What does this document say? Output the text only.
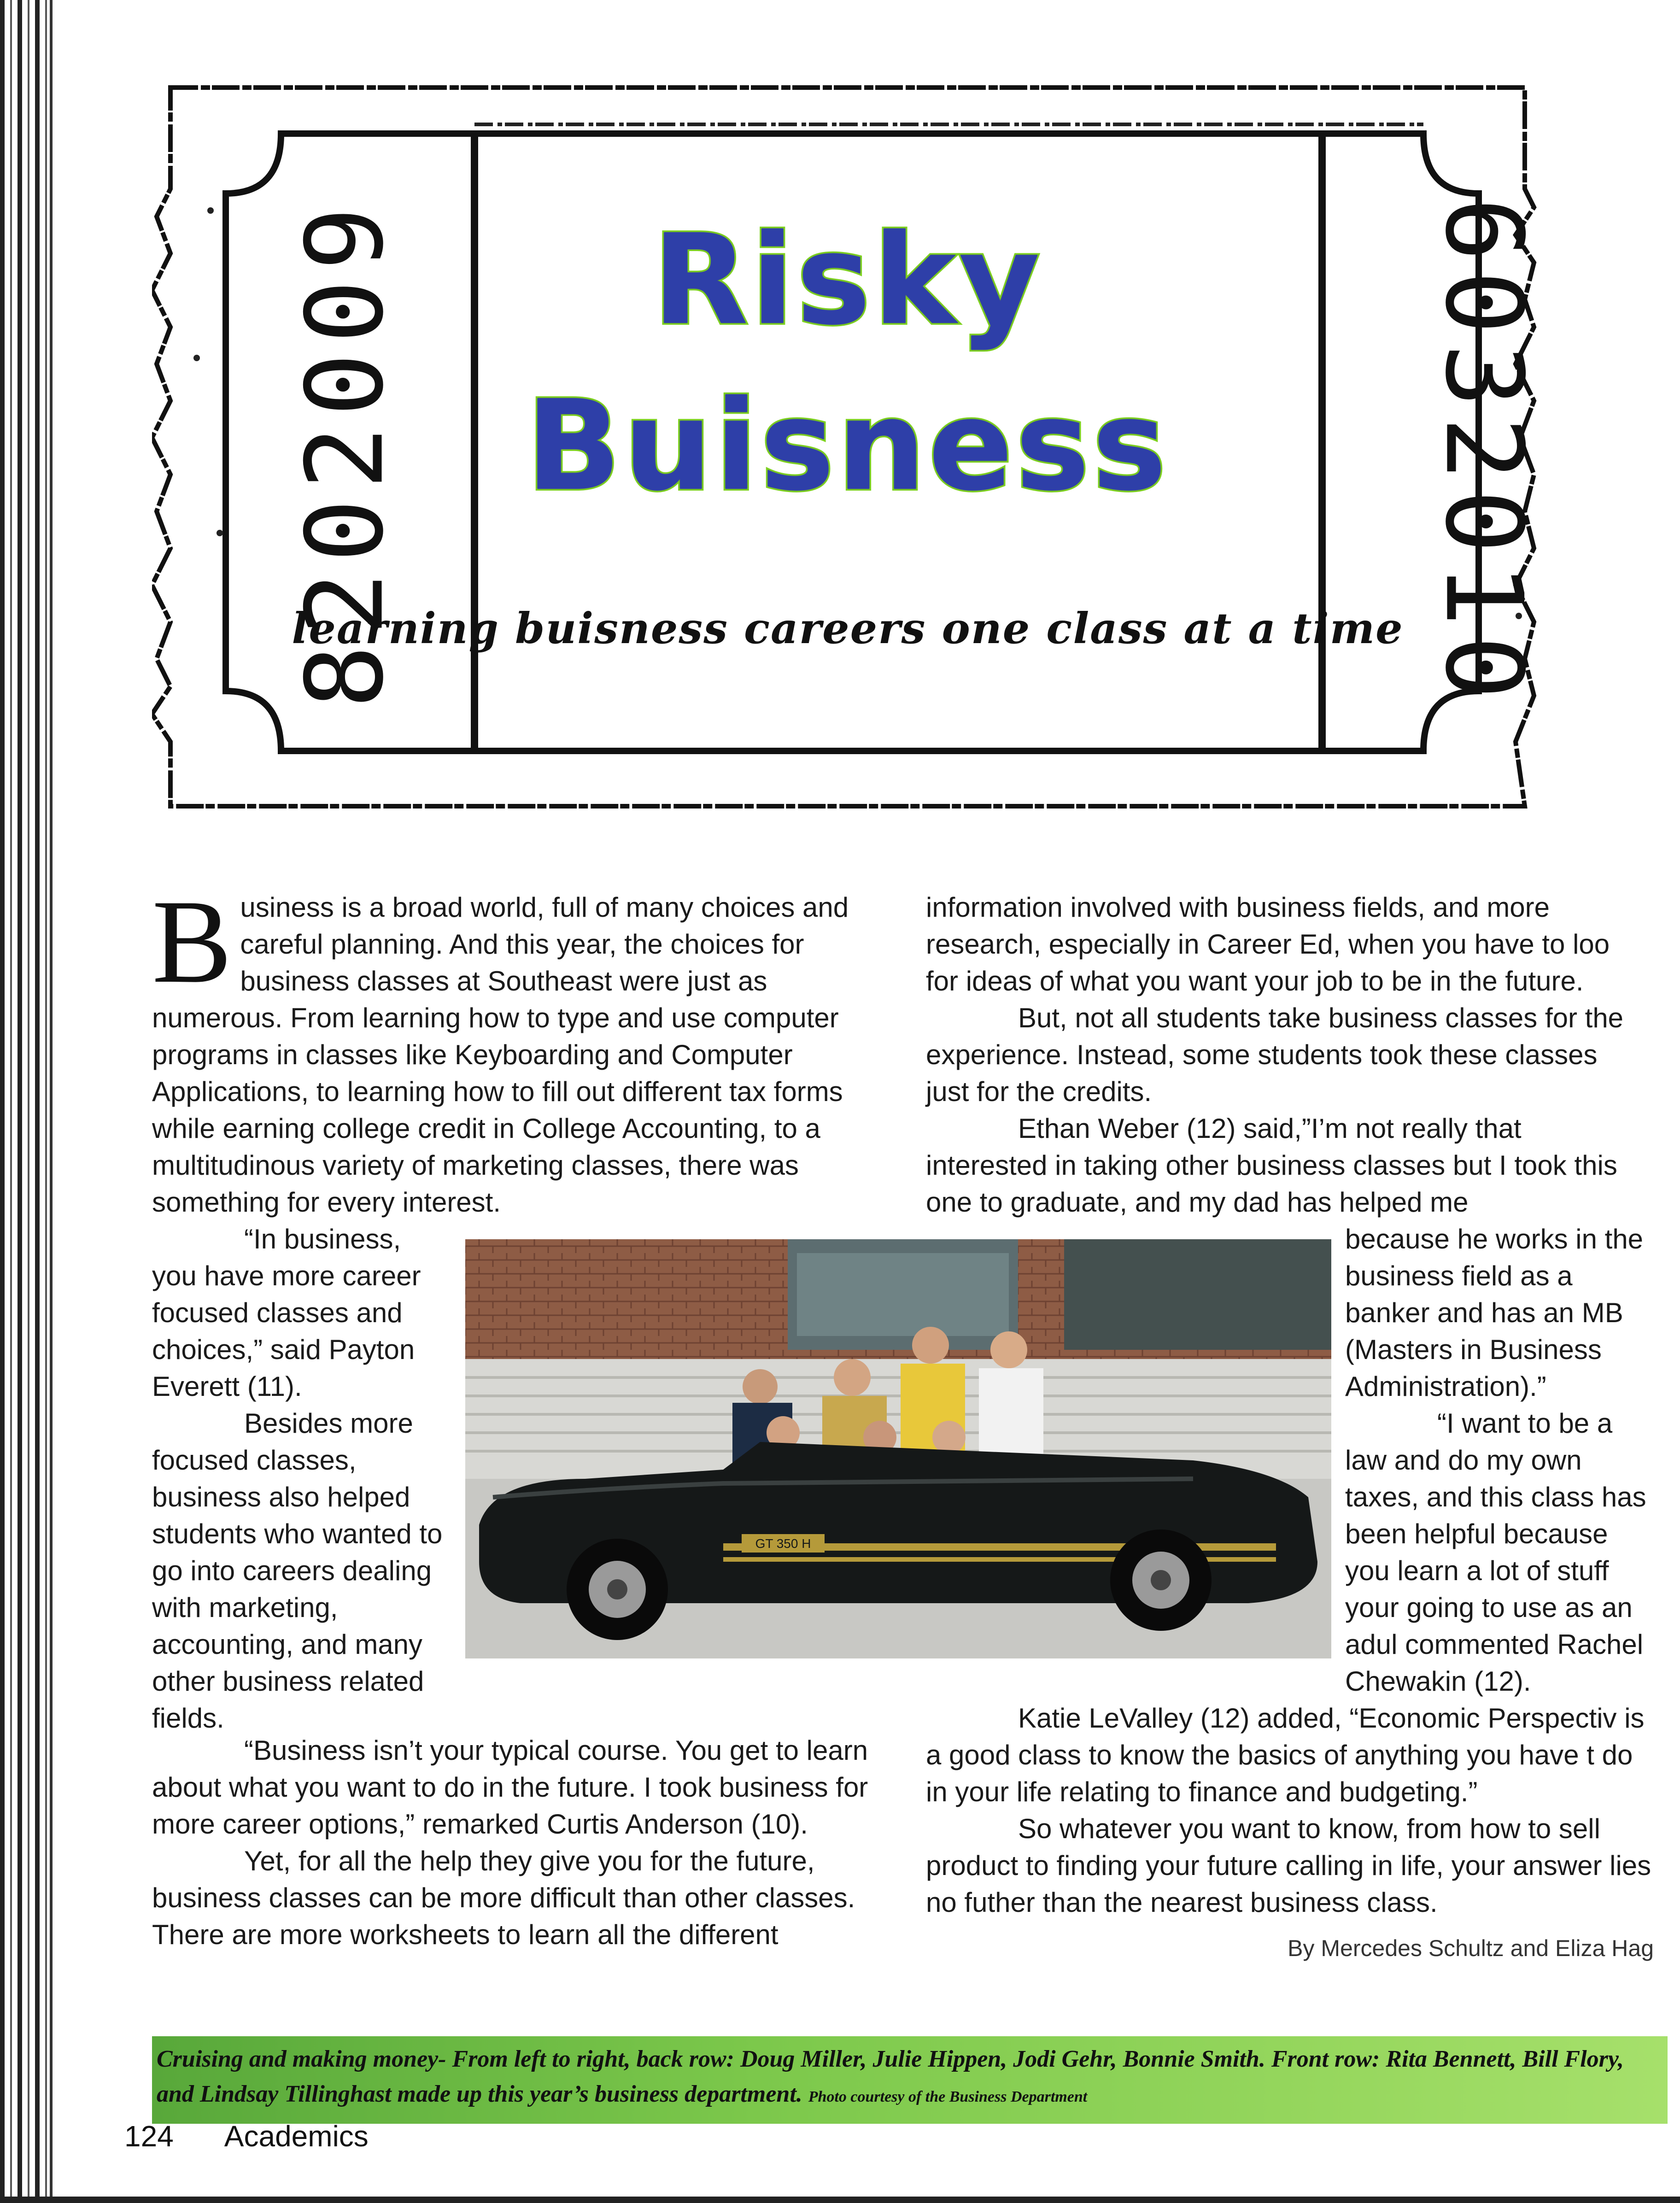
8202009	6032010
Risky
Buisness
learning buisness careers one class at a time

Business is a broad world, full of many choices and careful planning. And this year, the choices for business classes at Southeast were just as numerous. From learning how to type and use computer programs in classes like Keyboarding and Computer Applications, to learning how to fill out different tax forms while earning college credit in College Accounting, to a multitudinous variety of marketing classes, there was something for every interest.

“In business, you have more career focused classes and choices,” said Payton Everett (11).

Besides more focused classes, business also helped students who wanted to go into careers dealing with marketing, accounting, and many other business related fields.

“Business isn’t your typical course. You get to learn about what you want to do in the future. I took business for more career options,” remarked Curtis Anderson (10).

Yet, for all the help they give you for the future, business classes can be more difficult than other classes. There are more worksheets to learn all the different

information involved with business fields, and more research, especially in Career Ed, when you have to loo for ideas of what you want your job to be in the future.

But, not all students take business classes for the experience. Instead, some students took these classes just for the credits.

Ethan Weber (12) said,”I’m not really that interested in taking other business classes but I took this one to graduate, and my dad has helped me

because he works in the business field as a banker and has an MB (Masters in Business Administration).”

“I want to be a law and do my own taxes, and this class has been helpful because you learn a lot of stuff your going to use as an adul commented Rachel Chewakin (12).

Katie LeValley (12) added, “Economic Perspectiv is a good class to know the basics of anything you have t do in your life relating to finance and budgeting.”

So whatever you want to know, from how to sell product to finding your future calling in life, your answer lies no futher than the nearest business class.

By Mercedes Schultz and Eliza Hag
GT 350 H
Cruising and making money- From left to right, back row: Doug Miller, Julie Hippen, Jodi Gehr, Bonnie Smith. Front row: Rita Bennett, Bill Flory, and Lindsay Tillinghast made up this year’s business department. Photo courtesy of the Business Department
124 Academics
